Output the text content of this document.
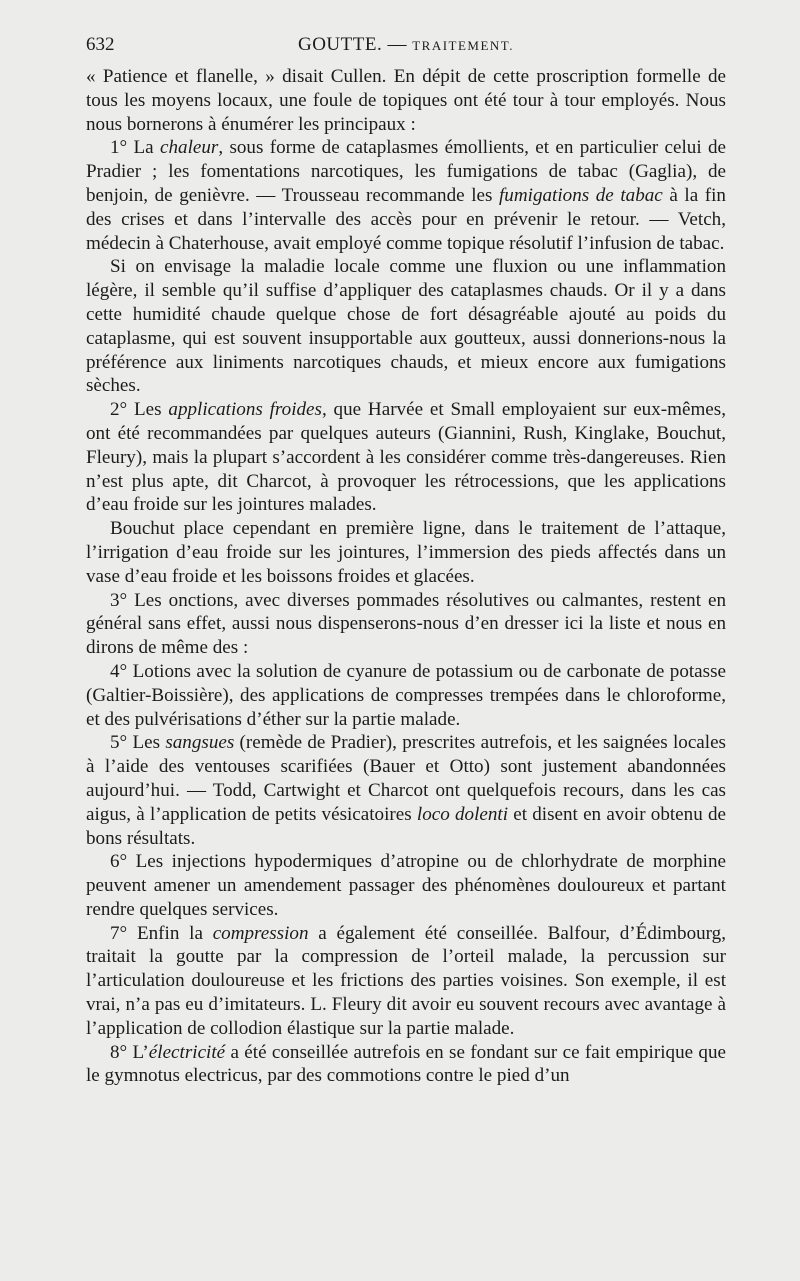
632	GOUTTE. — TRAITEMENT.

« Patience et flanelle, » disait Cullen. En dépit de cette proscription formelle de tous les moyens locaux, une foule de topiques ont été tour à tour employés. Nous nous bornerons à énumérer les principaux :

1° La chaleur, sous forme de cataplasmes émollients, et en particulier celui de Pradier ; les fomentations narcotiques, les fumigations de tabac (Gaglia), de benjoin, de genièvre. — Trousseau recommande les fumigations de tabac à la fin des crises et dans l’intervalle des accès pour en prévenir le retour. — Vetch, médecin à Chaterhouse, avait employé comme topique résolutif l’infusion de tabac.

Si on envisage la maladie locale comme une fluxion ou une inflammation légère, il semble qu’il suffise d’appliquer des cataplasmes chauds. Or il y a dans cette humidité chaude quelque chose de fort désagréable ajouté au poids du cataplasme, qui est souvent insupportable aux goutteux, aussi donnerions-nous la préférence aux liniments narcotiques chauds, et mieux encore aux fumigations sèches.

2° Les applications froides, que Harvée et Small employaient sur eux-mêmes, ont été recommandées par quelques auteurs (Giannini, Rush, Kinglake, Bouchut, Fleury), mais la plupart s’accordent à les considérer comme très-dangereuses. Rien n’est plus apte, dit Charcot, à provoquer les rétrocessions, que les applications d’eau froide sur les jointures malades.

Bouchut place cependant en première ligne, dans le traitement de l’attaque, l’irrigation d’eau froide sur les jointures, l’immersion des pieds affectés dans un vase d’eau froide et les boissons froides et glacées.

3° Les onctions, avec diverses pommades résolutives ou calmantes, restent en général sans effet, aussi nous dispenserons-nous d’en dresser ici la liste et nous en dirons de même des :

4° Lotions avec la solution de cyanure de potassium ou de carbonate de potasse (Galtier-Boissière), des applications de compresses trempées dans le chloroforme, et des pulvérisations d’éther sur la partie malade.

5° Les sangsues (remède de Pradier), prescrites autrefois, et les saignées locales à l’aide des ventouses scarifiées (Bauer et Otto) sont justement abandonnées aujourd’hui. — Todd, Cartwight et Charcot ont quelquefois recours, dans les cas aigus, à l’application de petits vésicatoires loco dolenti et disent en avoir obtenu de bons résultats.

6° Les injections hypodermiques d’atropine ou de chlorhydrate de morphine peuvent amener un amendement passager des phénomènes douloureux et partant rendre quelques services.

7° Enfin la compression a également été conseillée. Balfour, d’Édimbourg, traitait la goutte par la compression de l’orteil malade, la percussion sur l’articulation douloureuse et les frictions des parties voisines. Son exemple, il est vrai, n’a pas eu d’imitateurs. L. Fleury dit avoir eu souvent recours avec avantage à l’application de collodion élastique sur la partie malade.

8° L’électricité a été conseillée autrefois en se fondant sur ce fait empirique que le gymnotus electricus, par des commotions contre le pied d’un
